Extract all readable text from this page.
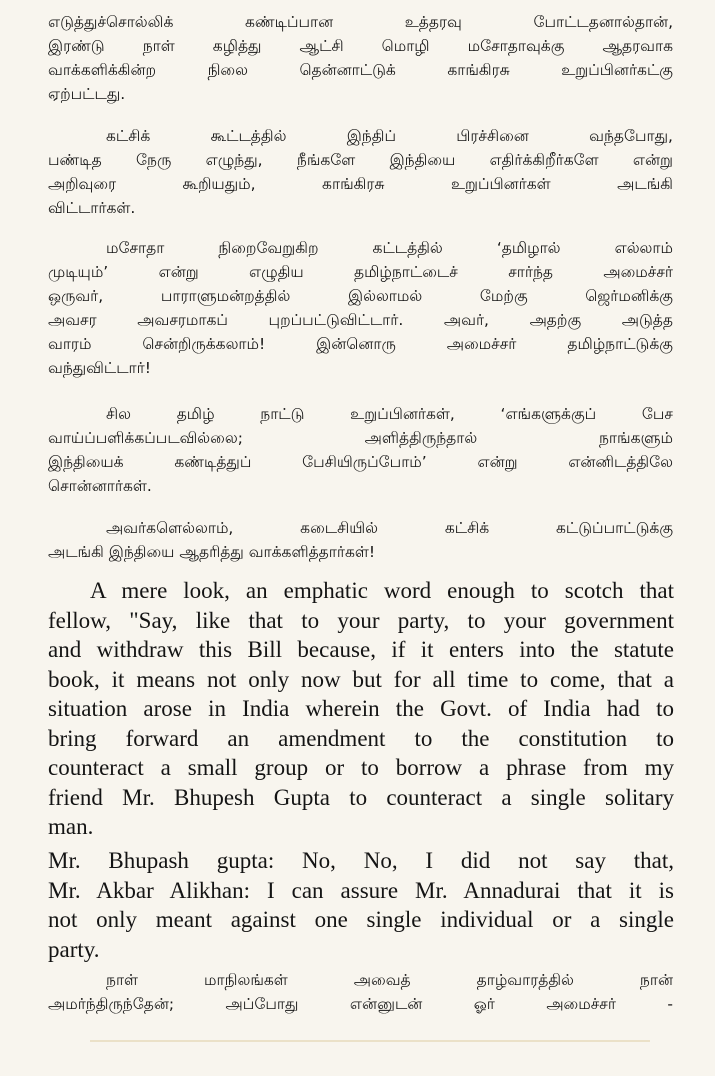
எடுத்துச்சொல்லிக் கண்டிப்பான உத்தரவு போட்டதனால்தான்,
இரண்டு நாள் கழித்து ஆட்சி மொழி மசோதாவுக்கு ஆதரவாக
வாக்களிக்கின்ற நிலை தென்னாட்டுக் காங்கிரசு உறுப்பினர்கட்கு
ஏற்பட்டது.
கட்சிக் கூட்டத்தில் இந்திப் பிரச்சினை வந்தபோது,
பண்டித நேரு எழுந்து, நீங்களே இந்தியை எதிர்க்கிறீர்களே என்று
அறிவுரை கூறியதும், காங்கிரசு உறுப்பினர்கள் அடங்கி
விட்டார்கள்.
மசோதா நிறைவேறுகிற கட்டத்தில் ‘தமிழால் எல்லாம்
முடியும்’ என்று எழுதிய தமிழ்நாட்டைச் சார்ந்த அமைச்சர்
ஒருவர், பாராளுமன்றத்தில் இல்லாமல் மேற்கு ஜெர்மனிக்கு
அவசர அவசரமாகப் புறப்பட்டுவிட்டார். அவர், அதற்கு அடுத்த
வாரம் சென்றிருக்கலாம்! இன்னொரு அமைச்சர் தமிழ்நாட்டுக்கு
வந்துவிட்டார்!
சில தமிழ் நாட்டு உறுப்பினர்கள், ‘எங்களுக்குப் பேச
வாய்ப்பளிக்கப்படவில்லை; அளித்திருந்தால் நாங்களும்
இந்தியைக் கண்டித்துப் பேசியிருப்போம்’ என்று என்னிடத்திலே
சொன்னார்கள்.
அவர்களெல்லாம், கடைசியில் கட்சிக் கட்டுப்பாட்டுக்கு
அடங்கி இந்தியை ஆதரித்து வாக்களித்தார்கள்!
A mere look, an emphatic word enough to scotch that
fellow, "Say, like that to your party, to your government
and withdraw this Bill because, if it enters into the statute
book, it means not only now but for all time to come, that a
situation arose in India wherein the Govt. of India had to
bring forward an amendment to the constitution to
counteract a small group or to borrow a phrase from my
friend Mr. Bhupesh Gupta to counteract a single solitary
man.
Mr. Bhupash gupta: No, No, I did not say that,
Mr. Akbar Alikhan: I can assure Mr. Annadurai that it is
not only meant against one single individual or a single
party.
நாள் மாநிலங்கள் அவைத் தாழ்வாரத்தில் நான்
அமர்ந்திருந்தேன்; அப்போது என்னுடன் ஓர் அமைச்சர் -
